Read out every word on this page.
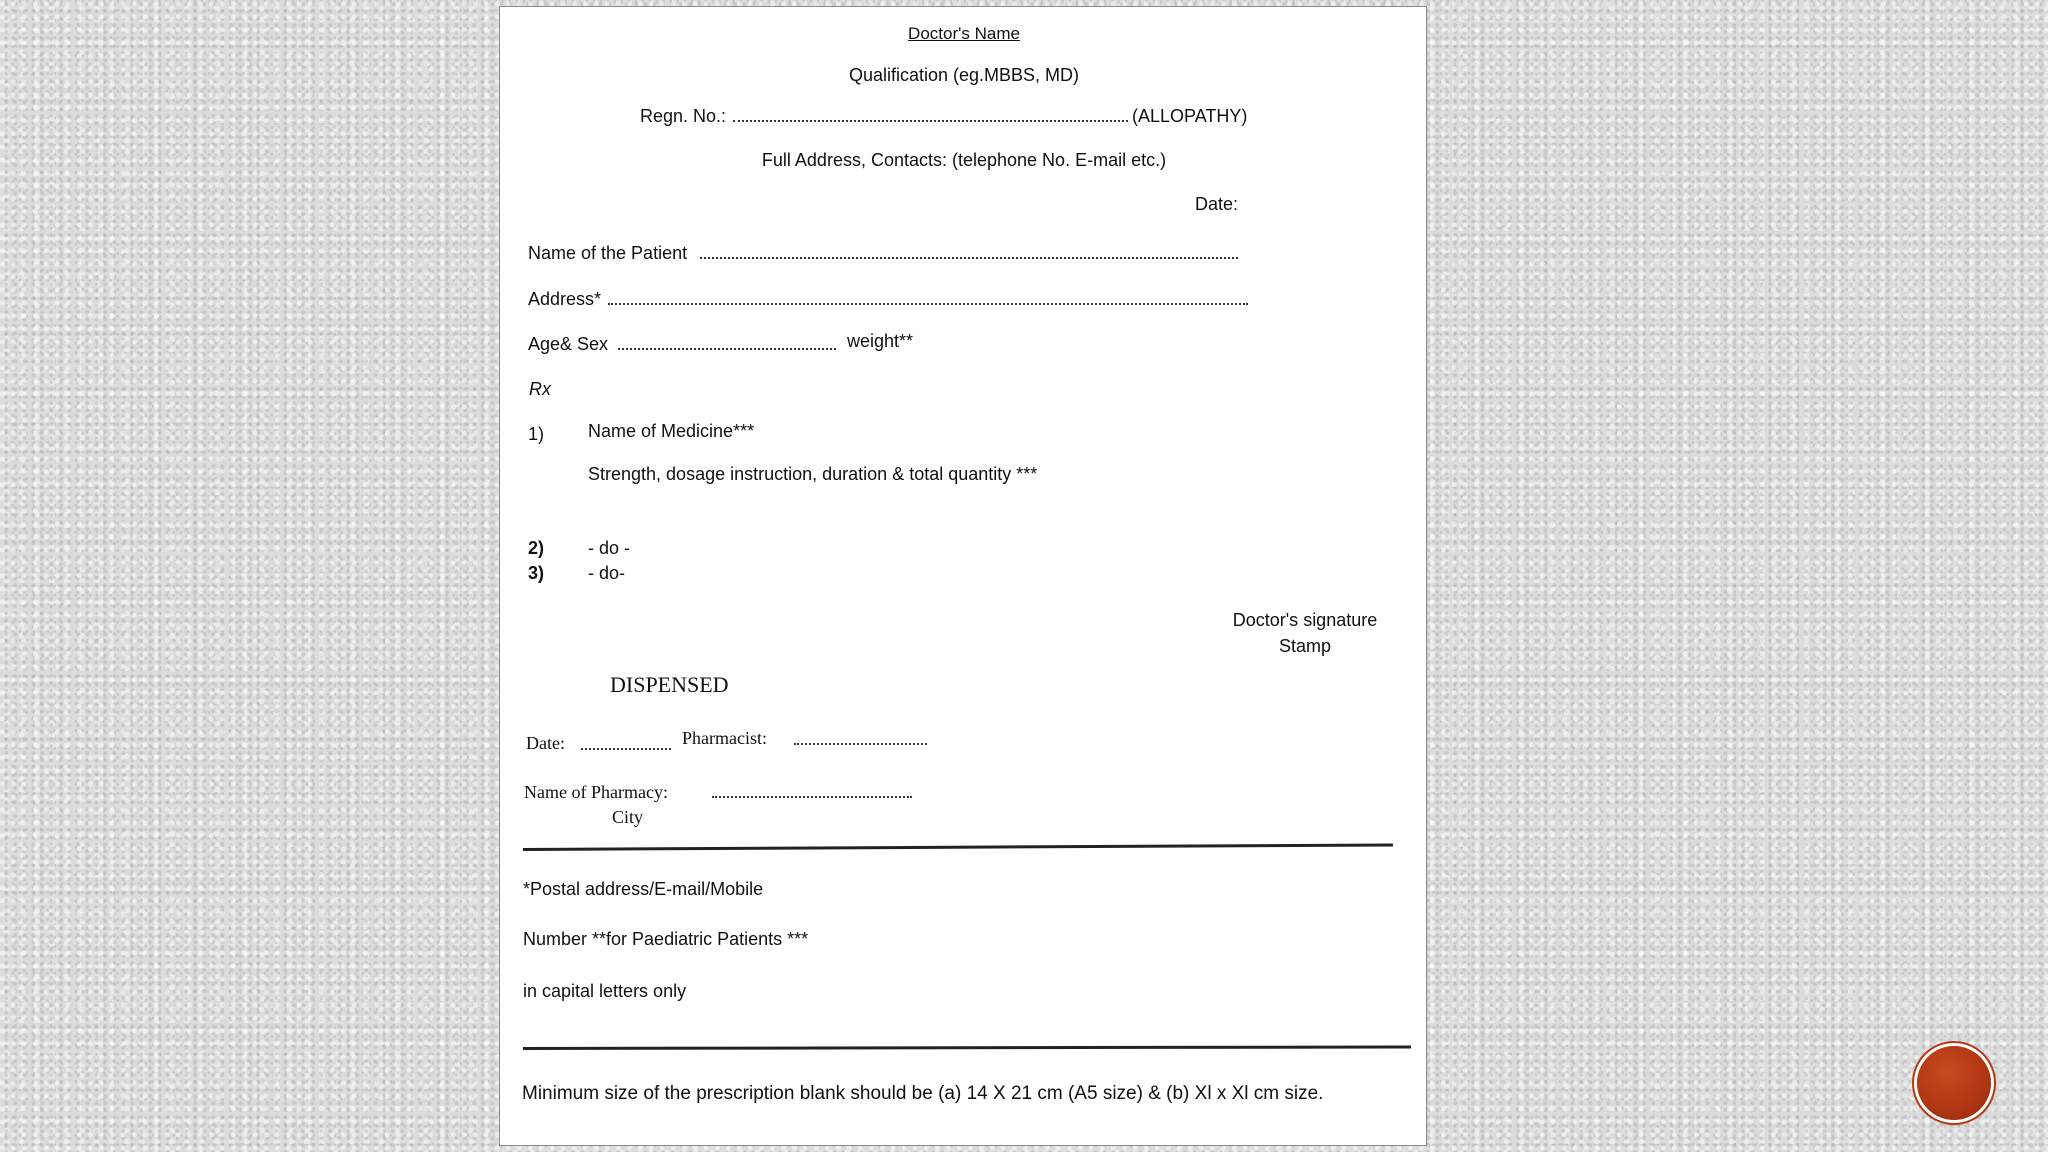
Doctor's Name
Qualification (eg.MBBS, MD)
Regn. No.:	(ALLOPATHY)
Full Address, Contacts: (telephone No. E-mail etc.)
Date:
Name of the Patient
Address*
Age& Sex	weight**
Rx
1) Name of Medicine***
Strength, dosage instruction, duration & total quantity ***
2) - do -
3) - do-
Doctor's signature
Stamp
DISPENSED
Date:	Pharmacist:
Name of Pharmacy:
City
*Postal address/E-mail/Mobile
Number **for Paediatric Patients ***
in capital letters only
Minimum size of the prescription blank should be (a) 14 X 21 cm (A5 size) & (b) Xl x Xl cm size.
